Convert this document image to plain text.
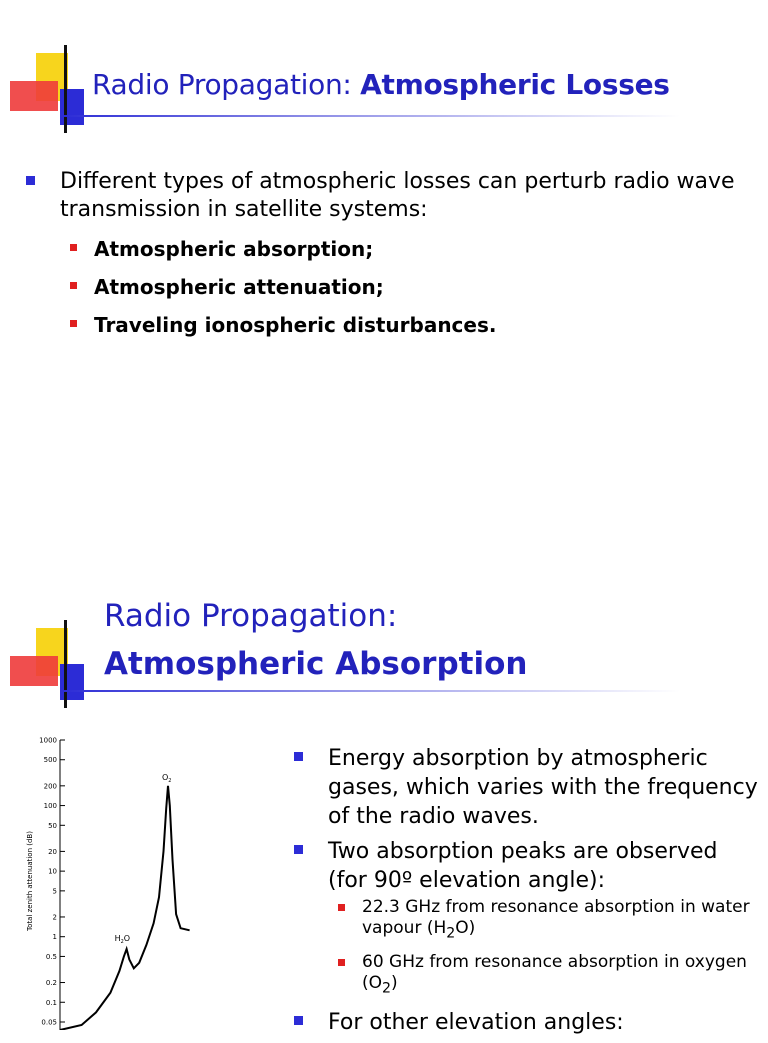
Radio Propagation: Atmospheric Losses
Different types of atmospheric losses can perturb radio wave transmission in satellite systems:
Atmospheric absorption;
Atmospheric attenuation;
Traveling ionospheric disturbances.
Radio Propagation:
Atmospheric Absorption
1000
500
200
100
50
20
10
5
2
1
0.5
0.2
0.1
0.05
Total zenith attenuation (dB)
$O_2$
$H_2O$
Energy absorption by atmospheric gases, which varies with the frequency of the radio waves.
Two absorption peaks are observed (for 90º elevation angle):
22.3 GHz from resonance absorption in water vapour $(H_2O)$
60 GHz from resonance absorption in oxygen $(O_2)$
For other elevation angles:
